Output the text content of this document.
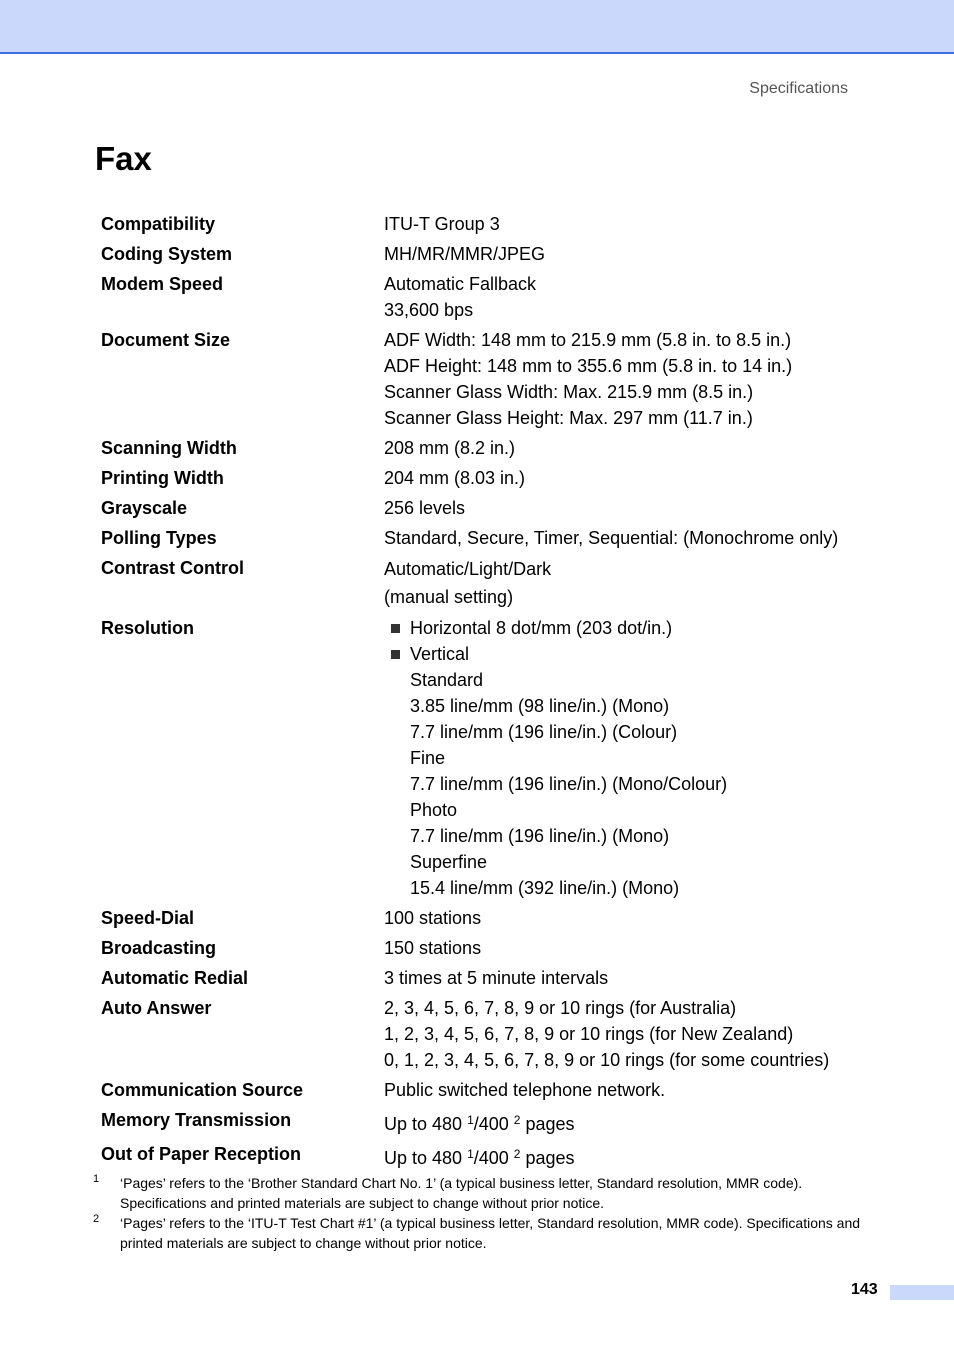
Specifications
Fax
Compatibility	ITU-T Group 3
Coding System	MH/MR/MMR/JPEG
Modem Speed	Automatic Fallback
33,600 bps
Document Size	ADF Width: 148 mm to 215.9 mm (5.8 in. to 8.5 in.)
ADF Height: 148 mm to 355.6 mm (5.8 in. to 14 in.)
Scanner Glass Width: Max. 215.9 mm (8.5 in.)
Scanner Glass Height: Max. 297 mm (11.7 in.)
Scanning Width	208 mm (8.2 in.)
Printing Width	204 mm (8.03 in.)
Grayscale	256 levels
Polling Types	Standard, Secure, Timer, Sequential: (Monochrome only)
Contrast Control	Automatic/Light/Dark
(manual setting)
Resolution	Horizontal 8 dot/mm (203 dot/in.)
Vertical
Standard
3.85 line/mm (98 line/in.) (Mono)
7.7 line/mm (196 line/in.) (Colour)
Fine
7.7 line/mm (196 line/in.) (Mono/Colour)
Photo
7.7 line/mm (196 line/in.) (Mono)
Superfine
15.4 line/mm (392 line/in.) (Mono)
Speed-Dial	100 stations
Broadcasting	150 stations
Automatic Redial	3 times at 5 minute intervals
Auto Answer	2, 3, 4, 5, 6, 7, 8, 9 or 10 rings (for Australia)
1, 2, 3, 4, 5, 6, 7, 8, 9 or 10 rings (for New Zealand)
0, 1, 2, 3, 4, 5, 6, 7, 8, 9 or 10 rings (for some countries)
Communication Source	Public switched telephone network.
Memory Transmission	Up to 480 $^1$/400 $^2$ pages
Out of Paper Reception	Up to 480 $^1$/400 $^2$ pages
1	‘Pages’ refers to the ‘Brother Standard Chart No. 1’ (a typical business letter, Standard resolution, MMR code). Specifications and printed materials are subject to change without prior notice.
2	‘Pages’ refers to the ‘ITU-T Test Chart #1’ (a typical business letter, Standard resolution, MMR code). Specifications and printed materials are subject to change without prior notice.
143
